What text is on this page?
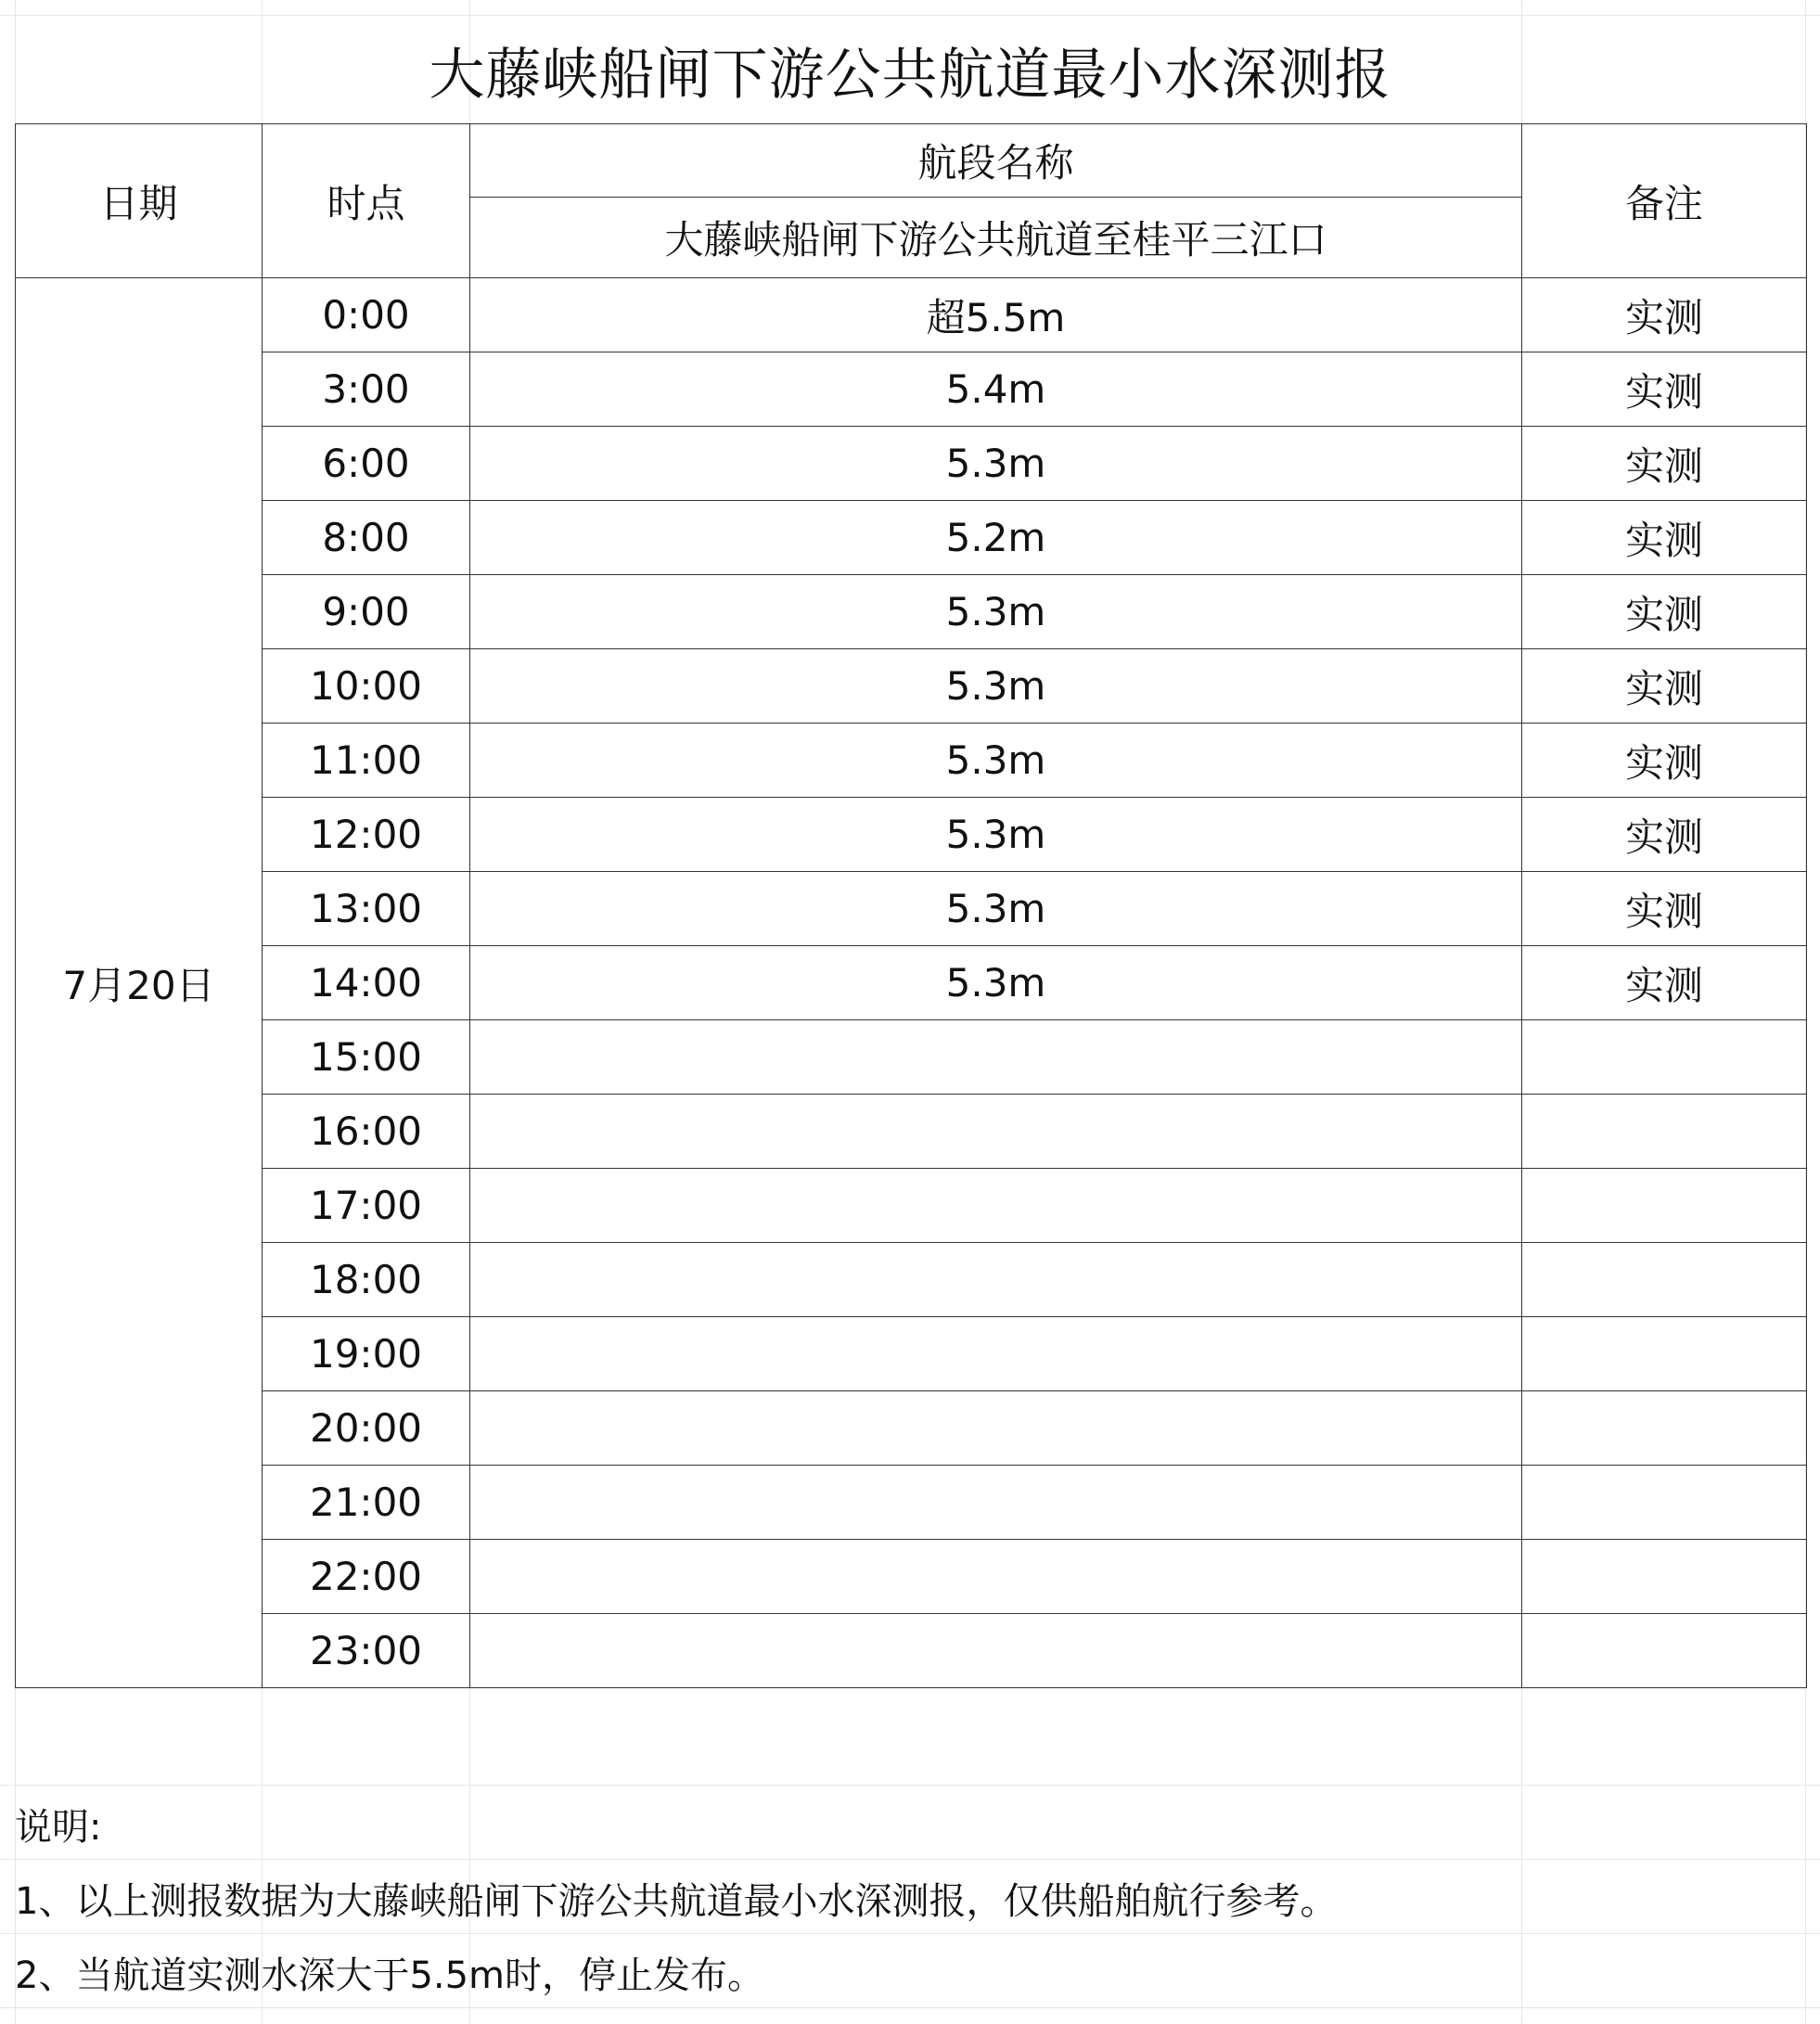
大藤峡船闸下游公共航道最小水深测报
日期	时点	航段名称	备注
		大藤峡船闸下游公共航道至桂平三江口	
7月20日	0:00	超5.5m	实测
	3:00	5.4m	实测
	6:00	5.3m	实测
	8:00	5.2m	实测
	9:00	5.3m	实测
	10:00	5.3m	实测
	11:00	5.3m	实测
	12:00	5.3m	实测
	13:00	5.3m	实测
	14:00	5.3m	实测
	15:00		
	16:00		
	17:00		
	18:00		
	19:00		
	20:00		
	21:00		
	22:00		
	23:00		
说明:
1、以上测报数据为大藤峡船闸下游公共航道最小水深测报，仅供船舶航行参考。
2、当航道实测水深大于5.5m时，停止发布。
